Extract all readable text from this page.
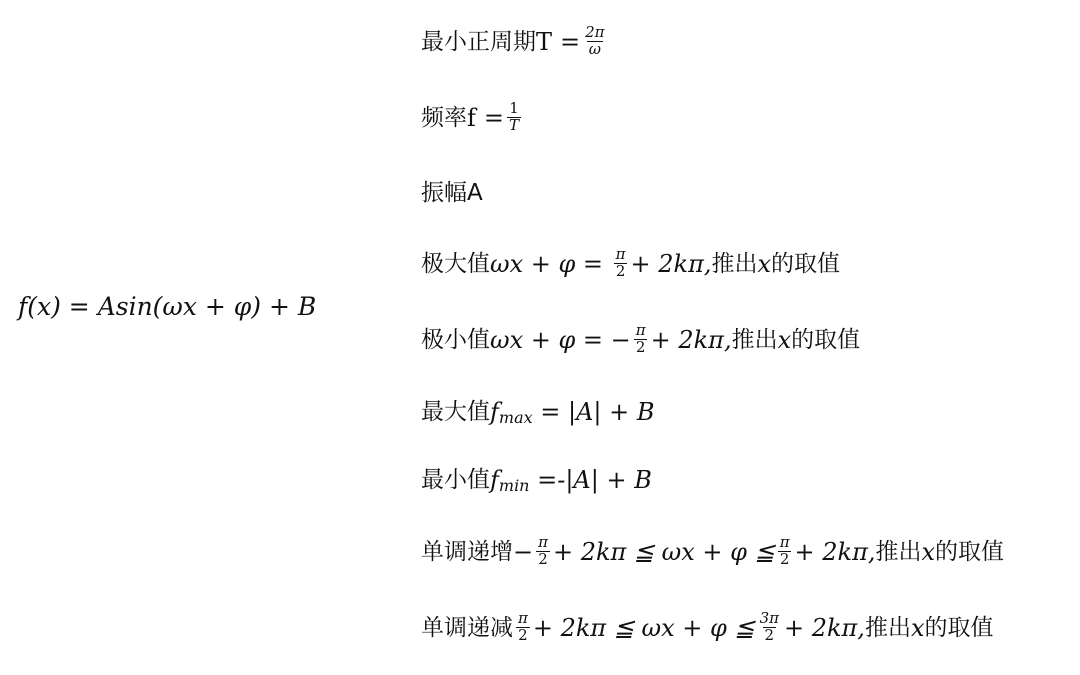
f(x) = Asin(ωx + φ) + B
最小正周期 $T = \frac{2\pi}{\omega}$
频率 $f = \frac{1}{T}$
振幅 A
极大值 $\omega x + \varphi = \frac{\pi}{2} + 2k\pi$, 推出 x 的取值
极小值 ωx + φ = − $\frac{\pi}{2} + 2k\pi$, 推出 x 的取值
最大值 $f_{max} = |A| + B$
最小值 $f_{min} =-|A| + B$
单调递增 − $\frac{\pi}{2} + 2k\pi$ ≦ ωx + φ ≦ $\frac{\pi}{2} + 2k\pi$, 推出 x 的取值
单调递减 $\frac{\pi}{2} + 2k\pi$ ≦ ωx + φ ≦ $\frac{3\pi}{2} + 2k\pi$, 推出 x 的取值
